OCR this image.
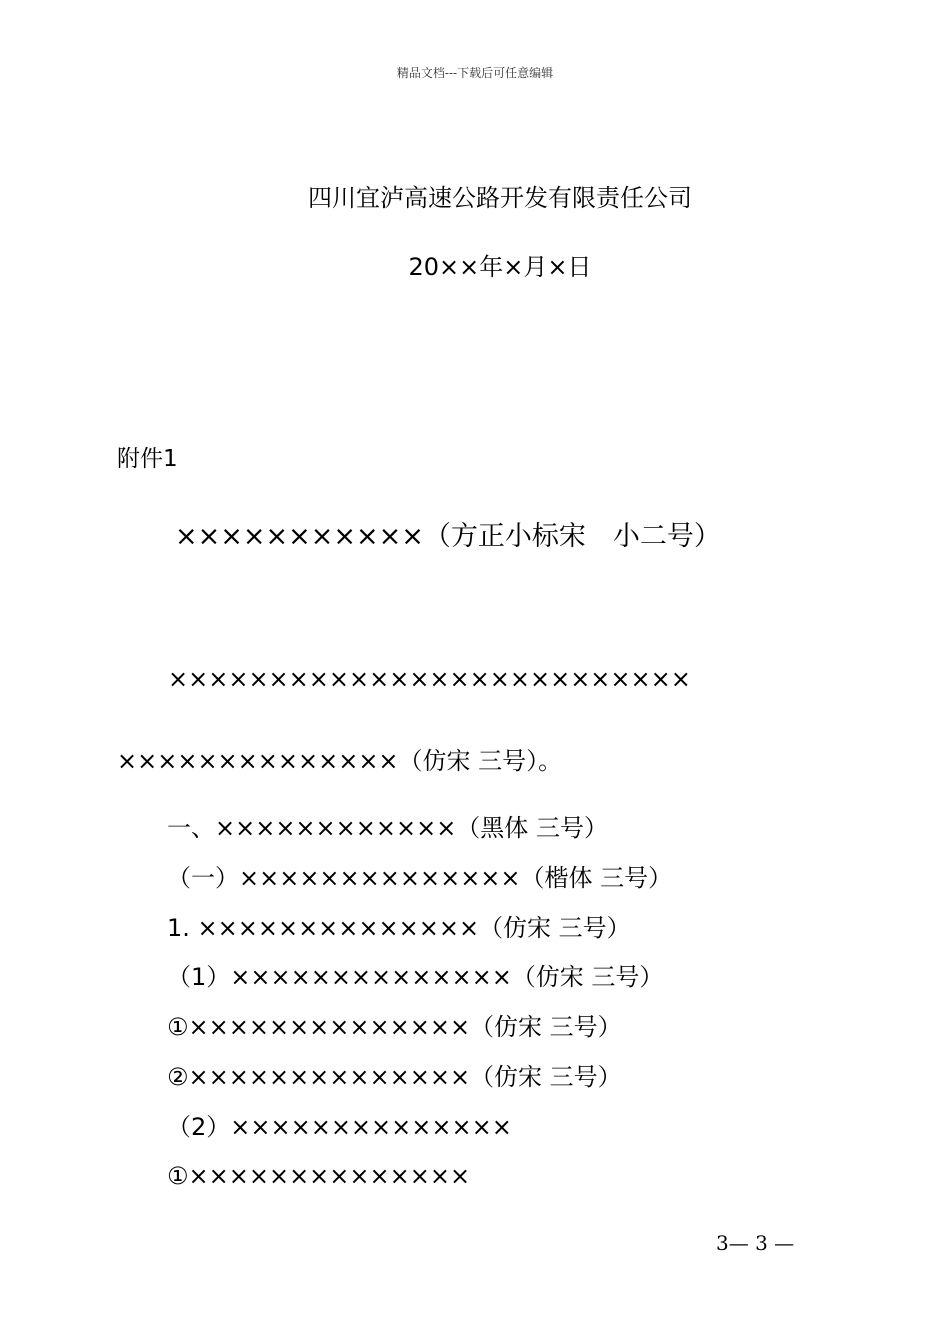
精品文档---下载后可任意编辑
四川宜泸高速公路开发有限责任公司
20××年×月×日
附件1
×××××××××××（方正小标宋　小二号）
××××××××××××××××××××××××××
××××××××××××××（仿宋 三号）。
一、××××××××××××（黑体 三号）
（一）××××××××××××××（楷体 三号）
1. ××××××××××××××（仿宋 三号）
（1）××××××××××××××（仿宋 三号）
①××××××××××××××（仿宋 三号）
②××××××××××××××（仿宋 三号）
（2）××××××××××××××
①××××××××××××××
3— 3 —
